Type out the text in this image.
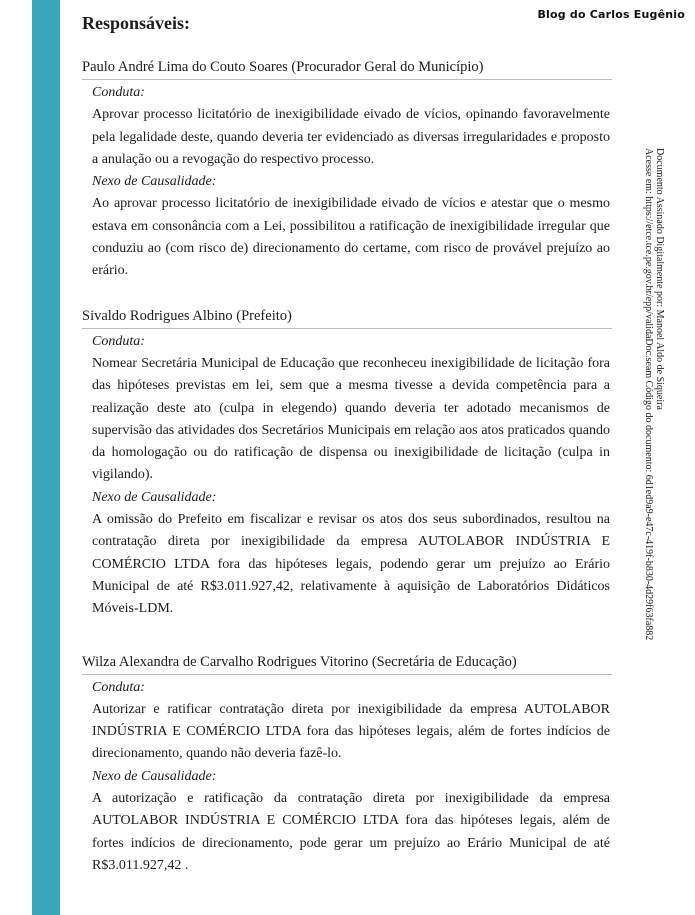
Blog do Carlos Eugênio
Documento Assinado Digitalmente por: Manoel Aldo de Siqueira
Acesse em: https://etce.tce.pe.gov.br/epp/validaDoc.seam Código do documento: 6d1ed9a9-e47c-419f-b830-4d29f63fa882
Responsáveis:
Paulo André Lima do Couto Soares (Procurador Geral do Município)
Conduta:

Aprovar processo licitatório de inexigibilidade eivado de vícios, opinando favoravelmente pela legalidade deste, quando deveria ter evidenciado as diversas irregularidades e proposto a anulação ou a revogação do respectivo processo.

Nexo de Causalidade:

Ao aprovar processo licitatório de inexigibilidade eivado de vícios e atestar que o mesmo estava em consonância com a Lei, possibilitou a ratificação de inexigibilidade irregular que conduziu ao (com risco de) direcionamento do certame, com risco de provável prejuízo ao erário.

Sivaldo Rodrigues Albino (Prefeito)
Conduta:

Nomear Secretária Municipal de Educação que reconheceu inexigibilidade de licitação fora das hipóteses previstas em lei, sem que a mesma tivesse a devida competência para a realização deste ato (culpa in elegendo) quando deveria ter adotado mecanismos de supervisão das atividades dos Secretários Municipais em relação aos atos praticados quando da homologação ou do ratificação de dispensa ou inexigibilidade de licitação (culpa in vigilando).

Nexo de Causalidade:

A omissão do Prefeito em fiscalizar e revisar os atos dos seus subordinados, resultou na contratação direta por inexigibilidade da empresa AUTOLABOR INDÚSTRIA E COMÉRCIO LTDA fora das hipóteses legais, podendo gerar um prejuízo ao Erário Municipal de até R$3.011.927,42, relativamente à aquisição de Laboratórios Didáticos Móveis-LDM.

Wilza Alexandra de Carvalho Rodrigues Vitorino (Secretária de Educação)
Conduta:

Autorizar e ratificar contratação direta por inexigibilidade da empresa AUTOLABOR INDÚSTRIA E COMÉRCIO LTDA fora das hipóteses legais, além de fortes indícios de direcionamento, quando não deveria fazê-lo.

Nexo de Causalidade:

A autorização e ratificação da contratação direta por inexigibilidade da empresa AUTOLABOR INDÚSTRIA E COMÉRCIO LTDA fora das hipóteses legais, além de fortes indícios de direcionamento, pode gerar um prejuízo ao Erário Municipal de até R$3.011.927,42 .
